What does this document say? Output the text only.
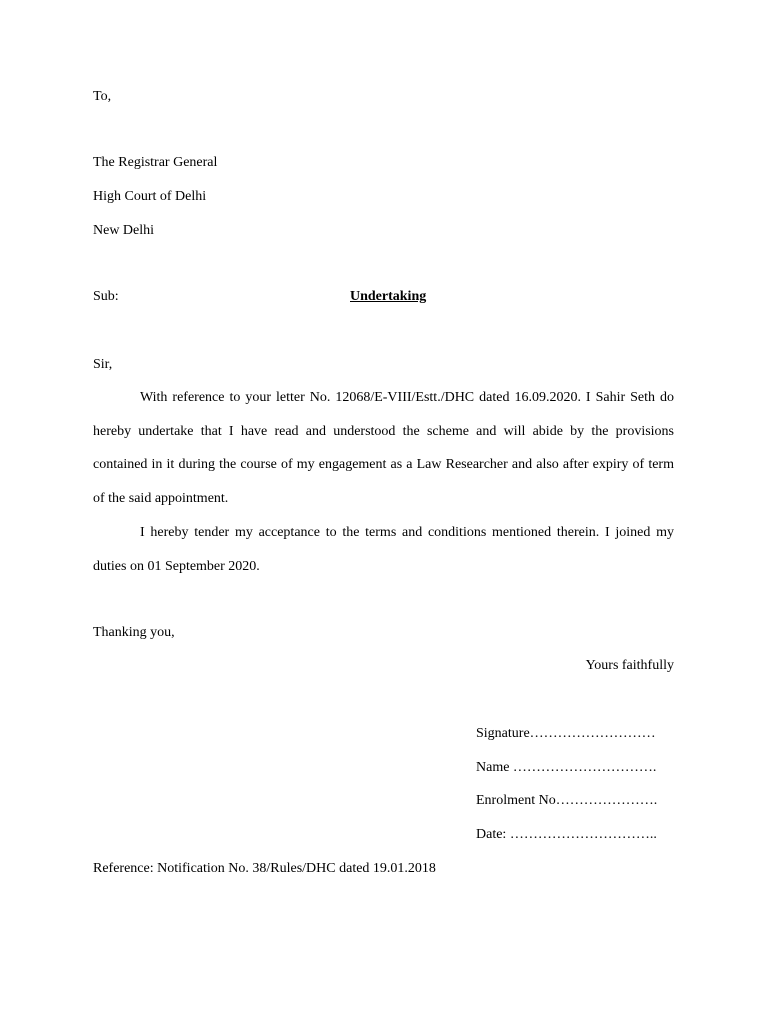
To,
The Registrar General
High Court of Delhi
New Delhi
Sub:	Undertaking
Sir,

With reference to your letter No. 12068/E-VIII/Estt./DHC dated 16.09.2020. I Sahir Seth do hereby undertake that I have read and understood the scheme and will abide by the provisions contained in it during the course of my engagement as a Law Researcher and also after expiry of term of the said appointment.

I hereby tender my acceptance to the terms and conditions mentioned therein. I joined my duties on 01 September 2020.

Thanking you,
Yours faithfully
Signature………………………
Name ………………………….
Enrolment No………………….
Date: …………………………..
Reference: Notification No. 38/Rules/DHC dated 19.01.2018
